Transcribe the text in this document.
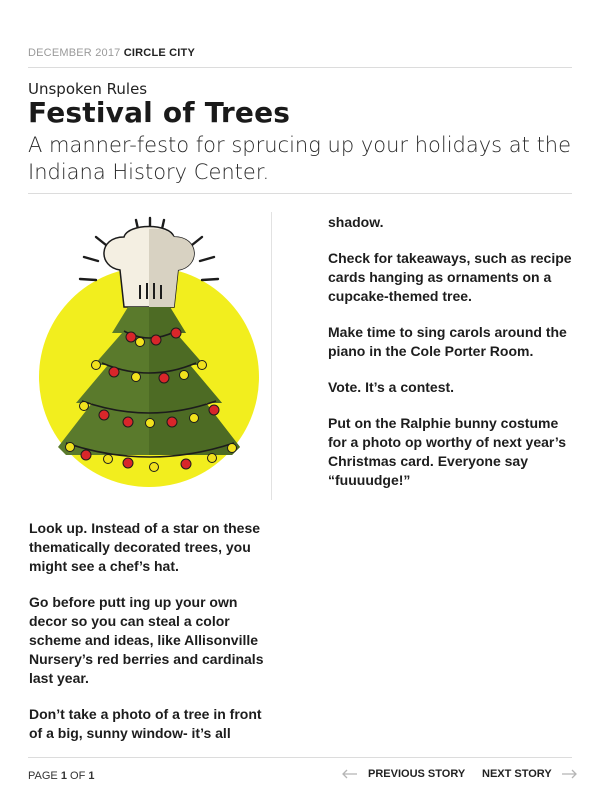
DECEMBER 2017 CIRCLE CITY
Unspoken Rules
Festival of Trees
A manner-festo for sprucing up your holidays at the Indiana History Center.

shadow.

Check for takeaways, such as recipe cards hanging as ornaments on a cupcake-themed tree.

Make time to sing carols around the piano in the Cole Porter Room.

Vote. It’s a contest.

Put on the Ralphie bunny costume for a photo op worthy of next year’s Christmas card. Everyone say “fuuuudge!”

Look up. Instead of a star on these thematically decorated trees, you might see a chef’s hat.

Go before putt ing up your own decor so you can steal a color scheme and ideas, like Allisonville Nursery’s red berries and cardinals last year.

Don’t take a photo of a tree in front of a big, sunny window- it’s all

PAGE 1 OF 1	PREVIOUS STORY NEXT STORY
